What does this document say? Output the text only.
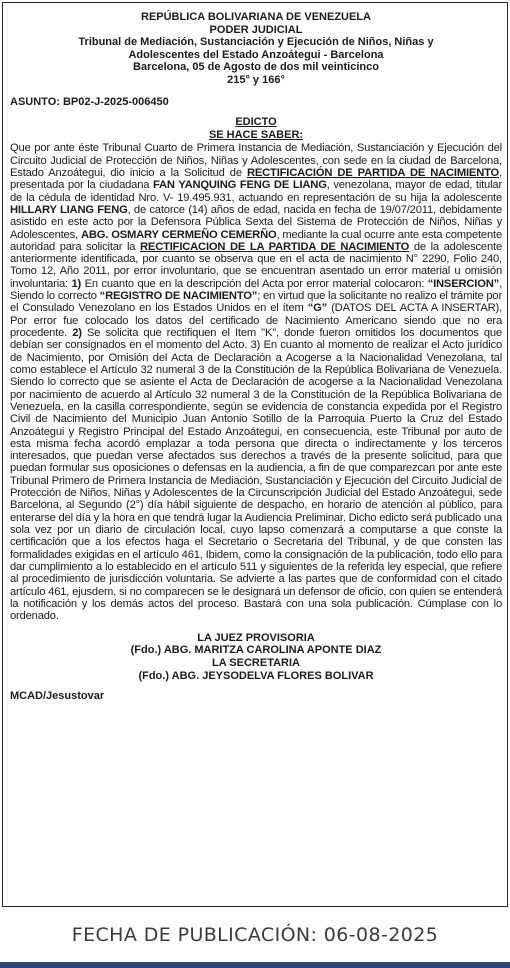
REPÚBLICA BOLIVARIANA DE VENEZUELA
PODER JUDICIAL
Tribunal de Mediación, Sustanciación y Ejecución de Niños, Niñas y
Adolescentes del Estado Anzoátegui - Barcelona
Barcelona, 05 de Agosto de dos mil veinticinco
215° y 166°
ASUNTO: BP02-J-2025-006450
EDICTO
SE HACE SABER:
Que por ante éste Tribunal Cuarto de Primera Instancia de Mediación, Sustanciación y Ejecución del Circuito Judicial de Protección de Niños, Niñas y Adolescentes, con sede en la ciudad de Barcelona, Estado Anzoátegui, dio inicio a la Solicitud de RECTIFICACIÓN DE PARTIDA DE NACIMIENTO, presentada por la ciudadana FAN YANQUING FENG DE LIANG, venezolana, mayor de edad, titular de la cédula de identidad Nro. V- 19.495.931, actuando en representación de su hija la adolescente HILLARY LIANG FENG, de catorce (14) años de edad, nacida en fecha de 19/07/2011, debidamente asistido en este acto por la Defensora Pública Sexta del Sistema de Protección de Niños, Niñas y Adolescentes, ABG. OSMARY CERMEÑO CEMERÑO, mediante la cual ocurre ante esta competente autoridad para solicitar la RECTIFICACION DE LA PARTIDA DE NACIMIENTO de la adolescente anteriormente identificada, por cuanto se observa que en el acta de nacimiento N° 2290, Folio 240, Tomo 12, Año 2011, por error involuntario, que se encuentran asentado un error material u omisión involuntaria: 1) En cuanto que en la descripción del Acta por error material colocaron: “INSERCION”, Siendo lo correcto “REGISTRO DE NACIMIENTO”; en virtud que la solicitante no realizo el trámite por el Consulado Venezolano en los Estados Unidos en el ítem “G” (DATOS DEL ACTA A INSERTAR), Por error fue colocado los datos del certificado de Nacimiento Americano siendo que no era procedente. 2) Se solicita que rectifiquen el Item "K", donde fueron omitidos los documentos que debían ser consignados en el momento del Acto. 3) En cuanto al momento de realizar el Acto jurídico de Nacimiento, por Omisión del Acta de Declaración a Acogerse a la Nacionalidad Venezolana, tal como establece el Artículo 32 numeral 3 de la Constitución de la República Bolivariana de Venezuela. Siendo lo correcto que se asiente el Acta de Declaración de acogerse a la Nacionalidad Venezolana por nacimiento de acuerdo al Artículo 32 numeral 3 de la Constitución de la República Bolivariana de Venezuela, en la casilla correspondiente, según se evidencia de constancia expedida por el Registro Civil de Nacimiento del Municipio Juan Antonio Sotillo de la Parroquia Puerto la Cruz del Estado Anzoátegui y Registro Principal del Estado Anzoátegui, en consecuencia, este Tribunal por auto de esta misma fecha acordó emplazar a toda persona que directa o indirectamente y los terceros interesados, que puedan verse afectados sus derechos a través de la presente solicitud, para que puedan formular sus oposiciones o defensas en la audiencia, a fin de que comparezcan por ante este Tribunal Primero de Primera Instancia de Mediación, Sustanciación y Ejecución del Circuito Judicial de Protección de Niños, Niñas y Adolescentes de la Circunscripción Judicial del Estado Anzoátegui, sede Barcelona, al Segundo (2°) día hábil siguiente de despacho, en horario de atención al público, para enterarse del día y la hora en que tendrá lugar la Audiencia Preliminar. Dicho edicto será publicado una sola vez por un diario de circulación local, cuyo lapso comenzará a computarse a que conste la certificación que a los efectos haga el Secretario o Secretaria del Tribunal, y de que consten las formalidades exigidas en el artículo 461, Ibidem, como la consignación de la publicación, todo ello para dar cumplimiento a lo establecido en el artículo 511 y siguientes de la referida ley especial, que refiere al procedimiento de jurisdicción voluntaria. Se advierte a las partes que de conformidad con el citado artículo 461, ejusdem, si no comparecen se le designará un defensor de oficio, con quien se entenderá la notificación y los demás actos del proceso. Bastará con una sola publicación. Cúmplase con lo ordenado.
LA JUEZ PROVISORIA
(Fdo.) ABG. MARITZA CAROLINA APONTE DIAZ
LA SECRETARIA
(Fdo.) ABG. JEYSODELVA FLORES BOLIVAR
MCAD/Jesustovar
FECHA DE PUBLICACIÓN: 06-08-2025
